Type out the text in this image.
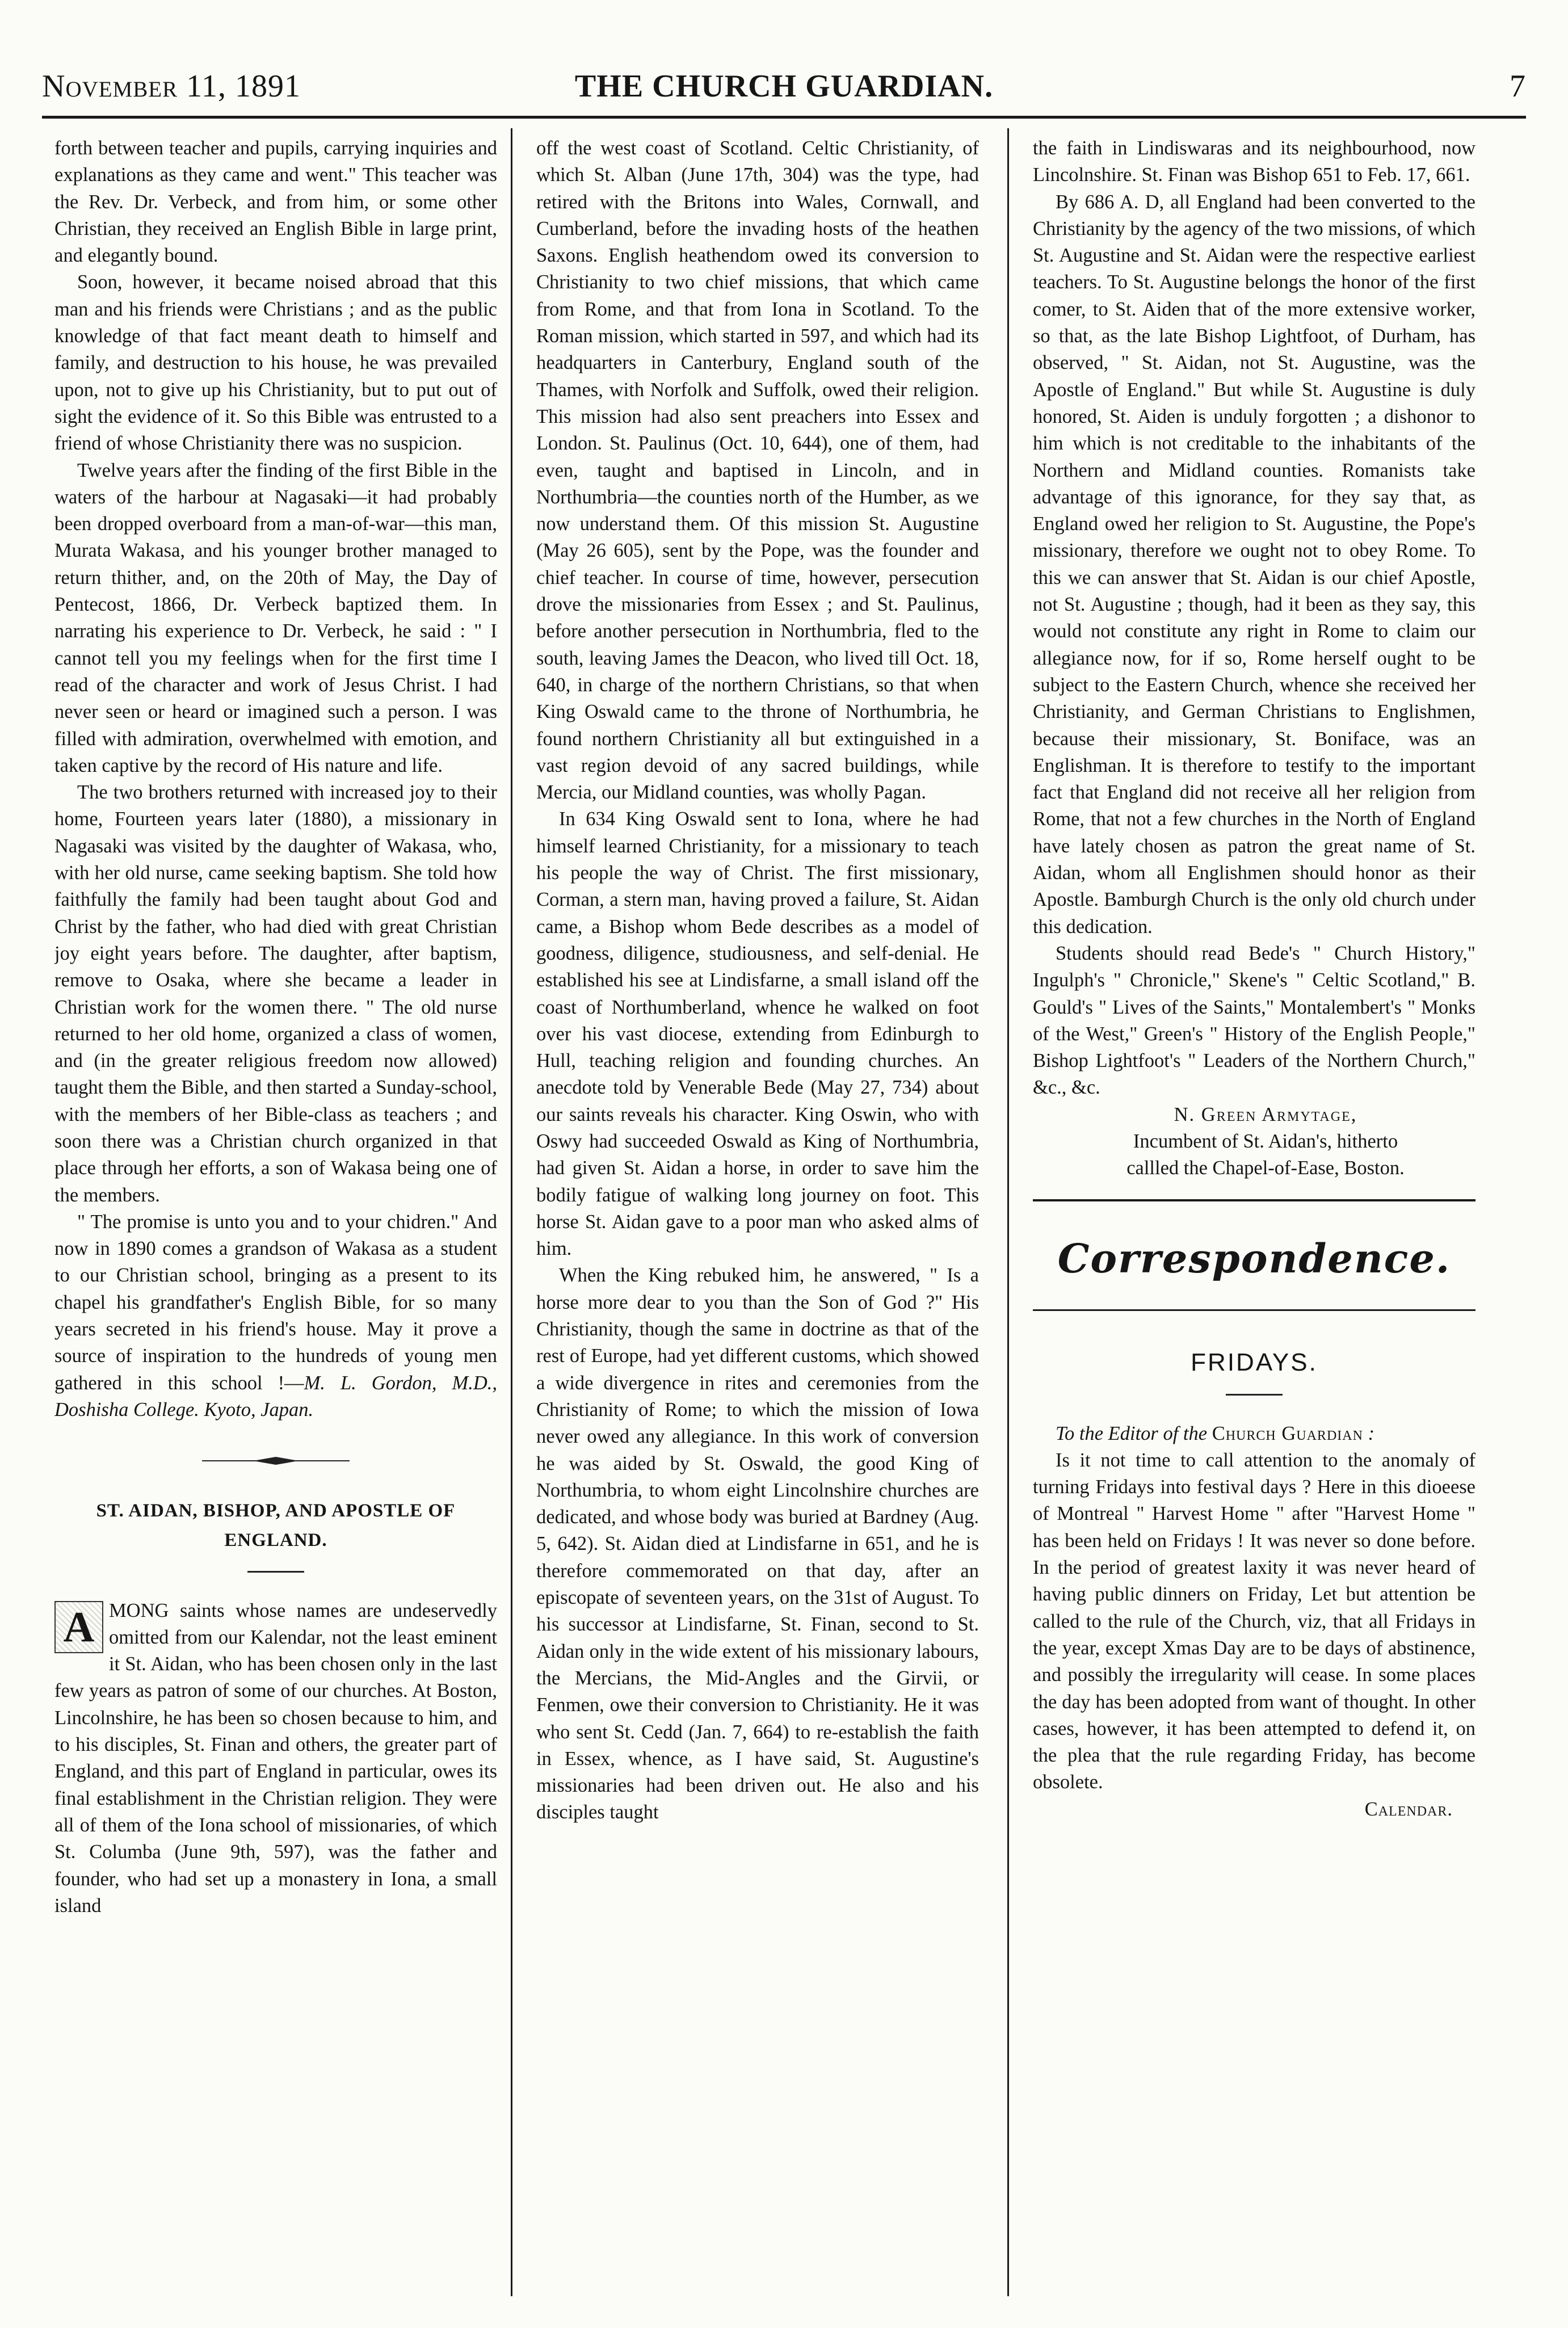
November 11, 1891	THE CHURCH GUARDIAN.	7

forth between teacher and pupils, carrying inquiries and explanations as they came and went." This teacher was the Rev. Dr. Verbeck, and from him, or some other Christian, they received an English Bible in large print, and elegantly bound.

Soon, however, it became noised abroad that this man and his friends were Christians ; and as the public knowledge of that fact meant death to himself and family, and destruction to his house, he was prevailed upon, not to give up his Christianity, but to put out of sight the evidence of it. So this Bible was entrusted to a friend of whose Christianity there was no suspicion.

Twelve years after the finding of the first Bible in the waters of the harbour at Nagasaki—it had probably been dropped overboard from a man-of-war—this man, Murata Wakasa, and his younger brother managed to return thither, and, on the 20th of May, the Day of Pentecost, 1866, Dr. Verbeck baptized them. In narrating his experience to Dr. Verbeck, he said : " I cannot tell you my feelings when for the first time I read of the character and work of Jesus Christ. I had never seen or heard or imagined such a person. I was filled with admiration, overwhelmed with emotion, and taken captive by the record of His nature and life.

The two brothers returned with increased joy to their home, Fourteen years later (1880), a missionary in Nagasaki was visited by the daughter of Wakasa, who, with her old nurse, came seeking baptism. She told how faithfully the family had been taught about God and Christ by the father, who had died with great Christian joy eight years before. The daughter, after baptism, remove to Osaka, where she became a leader in Christian work for the women there. " The old nurse returned to her old home, organized a class of women, and (in the greater religious freedom now allowed) taught them the Bible, and then started a Sunday-school, with the members of her Bible-class as teachers ; and soon there was a Christian church organized in that place through her efforts, a son of Wakasa being one of the members.

" The promise is unto you and to your chidren." And now in 1890 comes a grandson of Wakasa as a student to our Christian school, bringing as a present to its chapel his grandfather's English Bible, for so many years secreted in his friend's house. May it prove a source of inspiration to the hundreds of young men gathered in this school !—M. L. Gordon, M.D., Doshisha College. Kyoto, Japan.

ST. AIDAN, BISHOP, AND APOSTLE OF ENGLAND.

A MONG saints whose names are undeservedly omitted from our Kalendar, not the least eminent it St. Aidan, who has been chosen only in the last few years as patron of some of our churches. At Boston, Lincolnshire, he has been so chosen because to him, and to his disciples, St. Finan and others, the greater part of England, and this part of England in particular, owes its final establishment in the Christian religion. They were all of them of the Iona school of missionaries, of which St. Columba (June 9th, 597), was the father and founder, who had set up a monastery in Iona, a small island

off the west coast of Scotland. Celtic Christianity, of which St. Alban (June 17th, 304) was the type, had retired with the Britons into Wales, Cornwall, and Cumberland, before the invading hosts of the heathen Saxons. English heathendom owed its conversion to Christianity to two chief missions, that which came from Rome, and that from Iona in Scotland. To the Roman mission, which started in 597, and which had its headquarters in Canterbury, England south of the Thames, with Norfolk and Suffolk, owed their religion. This mission had also sent preachers into Essex and London. St. Paulinus (Oct. 10, 644), one of them, had even, taught and baptised in Lincoln, and in Northumbria—the counties north of the Humber, as we now understand them. Of this mission St. Augustine (May 26 605), sent by the Pope, was the founder and chief teacher. In course of time, however, persecution drove the missionaries from Essex ; and St. Paulinus, before another persecution in Northumbria, fled to the south, leaving James the Deacon, who lived till Oct. 18, 640, in charge of the northern Christians, so that when King Oswald came to the throne of Northumbria, he found northern Christianity all but extinguished in a vast region devoid of any sacred buildings, while Mercia, our Midland counties, was wholly Pagan.

In 634 King Oswald sent to Iona, where he had himself learned Christianity, for a missionary to teach his people the way of Christ. The first missionary, Corman, a stern man, having proved a failure, St. Aidan came, a Bishop whom Bede describes as a model of goodness, diligence, studiousness, and self-denial. He established his see at Lindisfarne, a small island off the coast of Northumberland, whence he walked on foot over his vast diocese, extending from Edinburgh to Hull, teaching religion and founding churches. An anecdote told by Venerable Bede (May 27, 734) about our saints reveals his character. King Oswin, who with Oswy had succeeded Oswald as King of Northumbria, had given St. Aidan a horse, in order to save him the bodily fatigue of walking long journey on foot. This horse St. Aidan gave to a poor man who asked alms of him.

When the King rebuked him, he answered, " Is a horse more dear to you than the Son of God ?" His Christianity, though the same in doctrine as that of the rest of Europe, had yet different customs, which showed a wide divergence in rites and ceremonies from the Christianity of Rome; to which the mission of Iowa never owed any allegiance. In this work of conversion he was aided by St. Oswald, the good King of Northumbria, to whom eight Lincolnshire churches are dedicated, and whose body was buried at Bardney (Aug. 5, 642). St. Aidan died at Lindisfarne in 651, and he is therefore commemorated on that day, after an episcopate of seventeen years, on the 31st of August. To his successor at Lindisfarne, St. Finan, second to St. Aidan only in the wide extent of his missionary labours, the Mercians, the Mid-Angles and the Girvii, or Fenmen, owe their conversion to Christianity. He it was who sent St. Cedd (Jan. 7, 664) to re-establish the faith in Essex, whence, as I have said, St. Augustine's missionaries had been driven out. He also and his disciples taught

the faith in Lindiswaras and its neighbourhood, now Lincolnshire. St. Finan was Bishop 651 to Feb. 17, 661.

By 686 A. D, all England had been converted to the Christianity by the agency of the two missions, of which St. Augustine and St. Aidan were the respective earliest teachers. To St. Augustine belongs the honor of the first comer, to St. Aiden that of the more extensive worker, so that, as the late Bishop Lightfoot, of Durham, has observed, " St. Aidan, not St. Augustine, was the Apostle of England." But while St. Augustine is duly honored, St. Aiden is unduly forgotten ; a dishonor to him which is not creditable to the inhabitants of the Northern and Midland counties. Romanists take advantage of this ignorance, for they say that, as England owed her religion to St. Augustine, the Pope's missionary, therefore we ought not to obey Rome. To this we can answer that St. Aidan is our chief Apostle, not St. Augustine ; though, had it been as they say, this would not constitute any right in Rome to claim our allegiance now, for if so, Rome herself ought to be subject to the Eastern Church, whence she received her Christianity, and German Christians to Englishmen, because their missionary, St. Boniface, was an Englishman. It is therefore to testify to the important fact that England did not receive all her religion from Rome, that not a few churches in the North of England have lately chosen as patron the great name of St. Aidan, whom all Englishmen should honor as their Apostle. Bamburgh Church is the only old church under this dedication.

Students should read Bede's " Church History," Ingulph's " Chronicle," Skene's " Celtic Scotland," B. Gould's " Lives of the Saints," Montalembert's " Monks of the West," Green's " History of the English People," Bishop Lightfoot's " Leaders of the Northern Church," &c., &c.

N. Green Armytage,
Incumbent of St. Aidan's, hitherto
callled the Chapel-of-Ease, Boston.

Correspondence.
FRIDAYS.

To the Editor of the Church Guardian :

Is it not time to call attention to the anomaly of turning Fridays into festival days ? Here in this dioeese of Montreal " Harvest Home " after "Harvest Home " has been held on Fridays ! It was never so done before. In the period of greatest laxity it was never heard of having public dinners on Friday, Let but attention be called to the rule of the Church, viz, that all Fridays in the year, except Xmas Day are to be days of abstinence, and possibly the irregularity will cease. In some places the day has been adopted from want of thought. In other cases, however, it has been attempted to defend it, on the plea that the rule regarding Friday, has become obsolete.

Calendar.
